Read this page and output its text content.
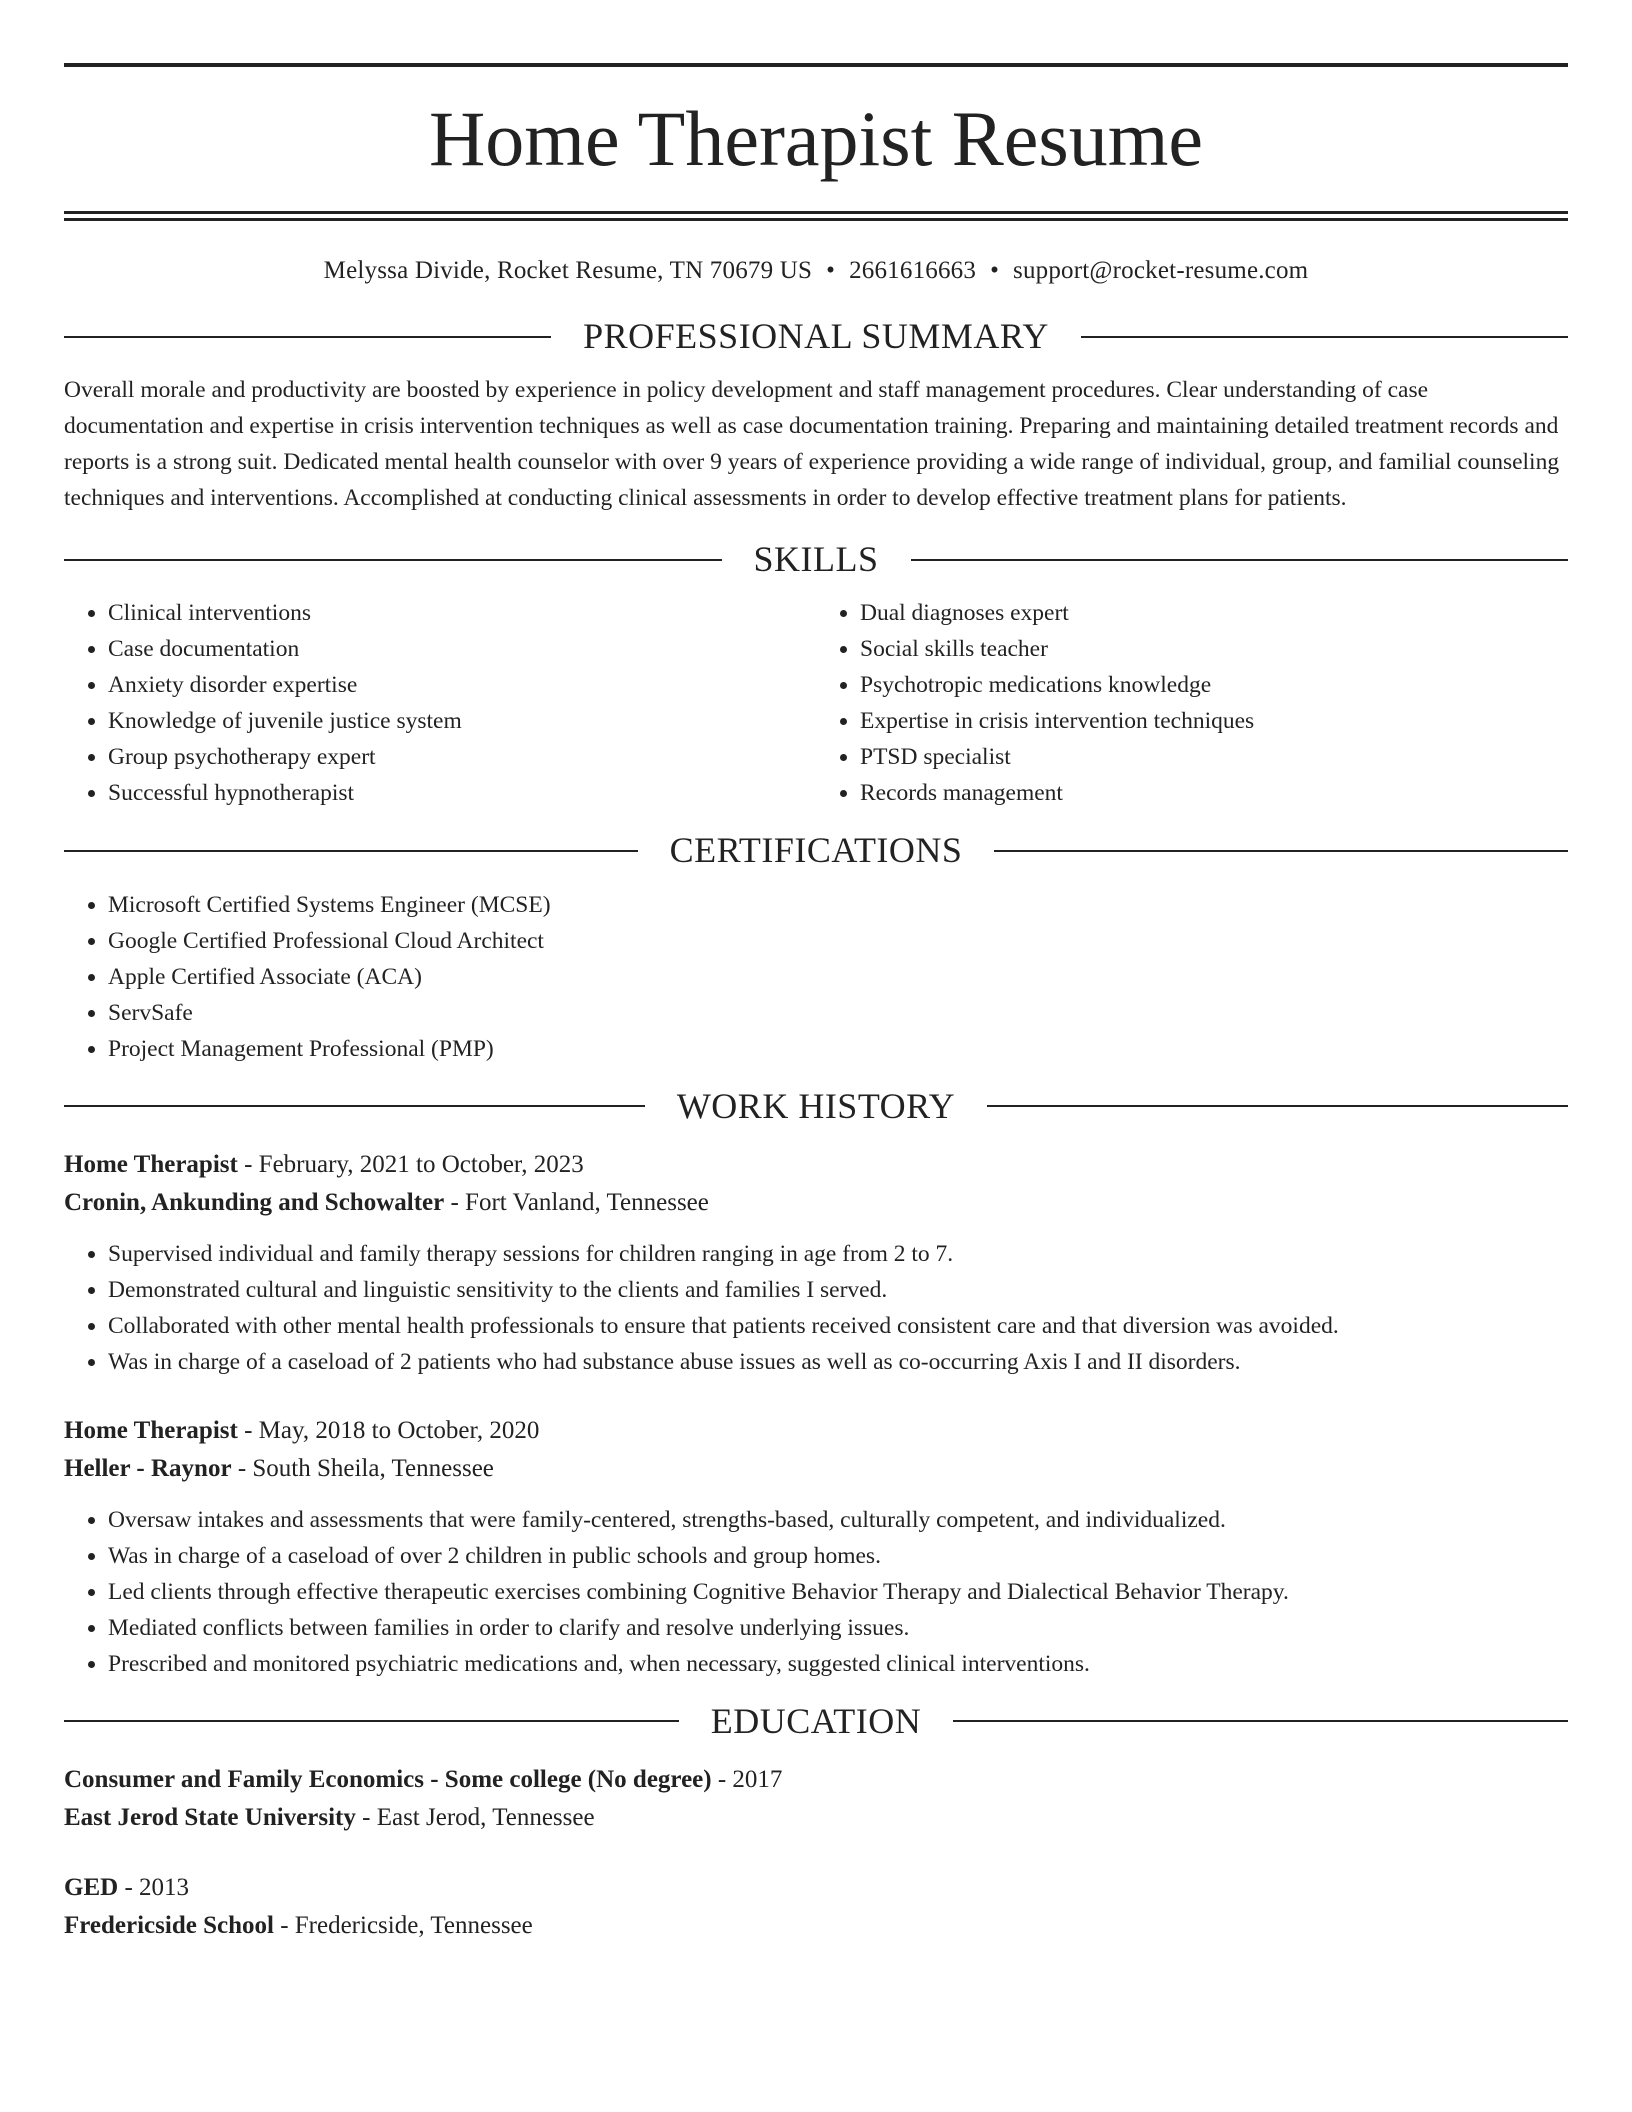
Home Therapist Resume
Melyssa Divide, Rocket Resume, TN 70679 US • 2661616663 • support@rocket-resume.com
PROFESSIONAL SUMMARY

Overall morale and productivity are boosted by experience in policy development and staff management procedures. Clear understanding of case documentation and expertise in crisis intervention techniques as well as case documentation training. Preparing and maintaining detailed treatment records and reports is a strong suit. Dedicated mental health counselor with over 9 years of experience providing a wide range of individual, group, and familial counseling techniques and interventions. Accomplished at conducting clinical assessments in order to develop effective treatment plans for patients.

SKILLS
• Clinical interventions
• Case documentation
• Anxiety disorder expertise
• Knowledge of juvenile justice system
• Group psychotherapy expert
• Successful hypnotherapist
• Dual diagnoses expert
• Social skills teacher
• Psychotropic medications knowledge
• Expertise in crisis intervention techniques
• PTSD specialist
• Records management
CERTIFICATIONS
• Microsoft Certified Systems Engineer (MCSE)
• Google Certified Professional Cloud Architect
• Apple Certified Associate (ACA)
• ServSafe
• Project Management Professional (PMP)
WORK HISTORY
Home Therapist - February, 2021 to October, 2023
Cronin, Ankunding and Schowalter - Fort Vanland, Tennessee
• Supervised individual and family therapy sessions for children ranging in age from 2 to 7.
• Demonstrated cultural and linguistic sensitivity to the clients and families I served.
• Collaborated with other mental health professionals to ensure that patients received consistent care and that diversion was avoided.
• Was in charge of a caseload of 2 patients who had substance abuse issues as well as co-occurring Axis I and II disorders.
Home Therapist - May, 2018 to October, 2020
Heller - Raynor - South Sheila, Tennessee
• Oversaw intakes and assessments that were family-centered, strengths-based, culturally competent, and individualized.
• Was in charge of a caseload of over 2 children in public schools and group homes.
• Led clients through effective therapeutic exercises combining Cognitive Behavior Therapy and Dialectical Behavior Therapy.
• Mediated conflicts between families in order to clarify and resolve underlying issues.
• Prescribed and monitored psychiatric medications and, when necessary, suggested clinical interventions.
EDUCATION
Consumer and Family Economics - Some college (No degree) - 2017
East Jerod State University - East Jerod, Tennessee
GED - 2013
Fredericside School - Fredericside, Tennessee
